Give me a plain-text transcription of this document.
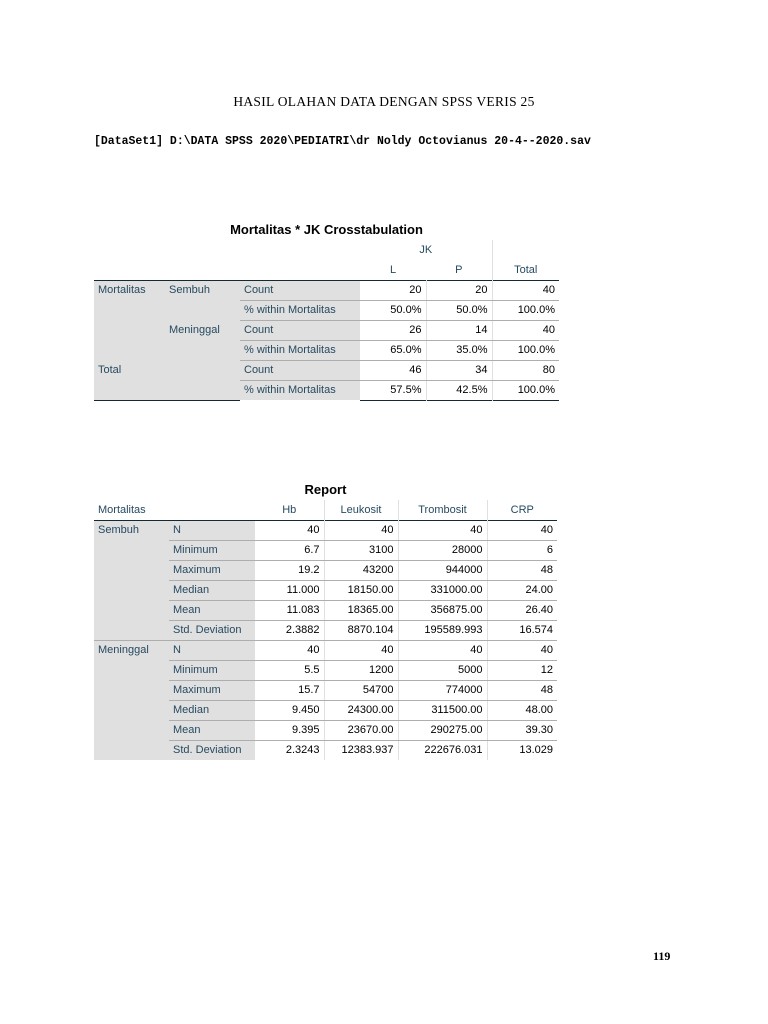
HASIL OLAHAN DATA DENGAN SPSS VERIS 25
[DataSet1] D:\DATA SPSS 2020\PEDIATRI\dr Noldy Octovianus 20-4--2020.sav
Mortalitas * JK Crosstabulation
			JK		
			L	P	Total
Mortalitas	Sembuh	Count	20	20	40
		% within Mortalitas	50.0%	50.0%	100.0%
	Meninggal	Count	26	14	40
		% within Mortalitas	65.0%	35.0%	100.0%
Total		Count	46	34	80
		% within Mortalitas	57.5%	42.5%	100.0%
Report
Mortalitas		Hb	Leukosit	Trombosit	CRP
Sembuh	N	40	40	40	40
	Minimum	6.7	3100	28000	6
	Maximum	19.2	43200	944000	48
	Median	11.000	18150.00	331000.00	24.00
	Mean	11.083	18365.00	356875.00	26.40
	Std. Deviation	2.3882	8870.104	195589.993	16.574
Meninggal	N	40	40	40	40
	Minimum	5.5	1200	5000	12
	Maximum	15.7	54700	774000	48
	Median	9.450	24300.00	311500.00	48.00
	Mean	9.395	23670.00	290275.00	39.30
	Std. Deviation	2.3243	12383.937	222676.031	13.029
119
